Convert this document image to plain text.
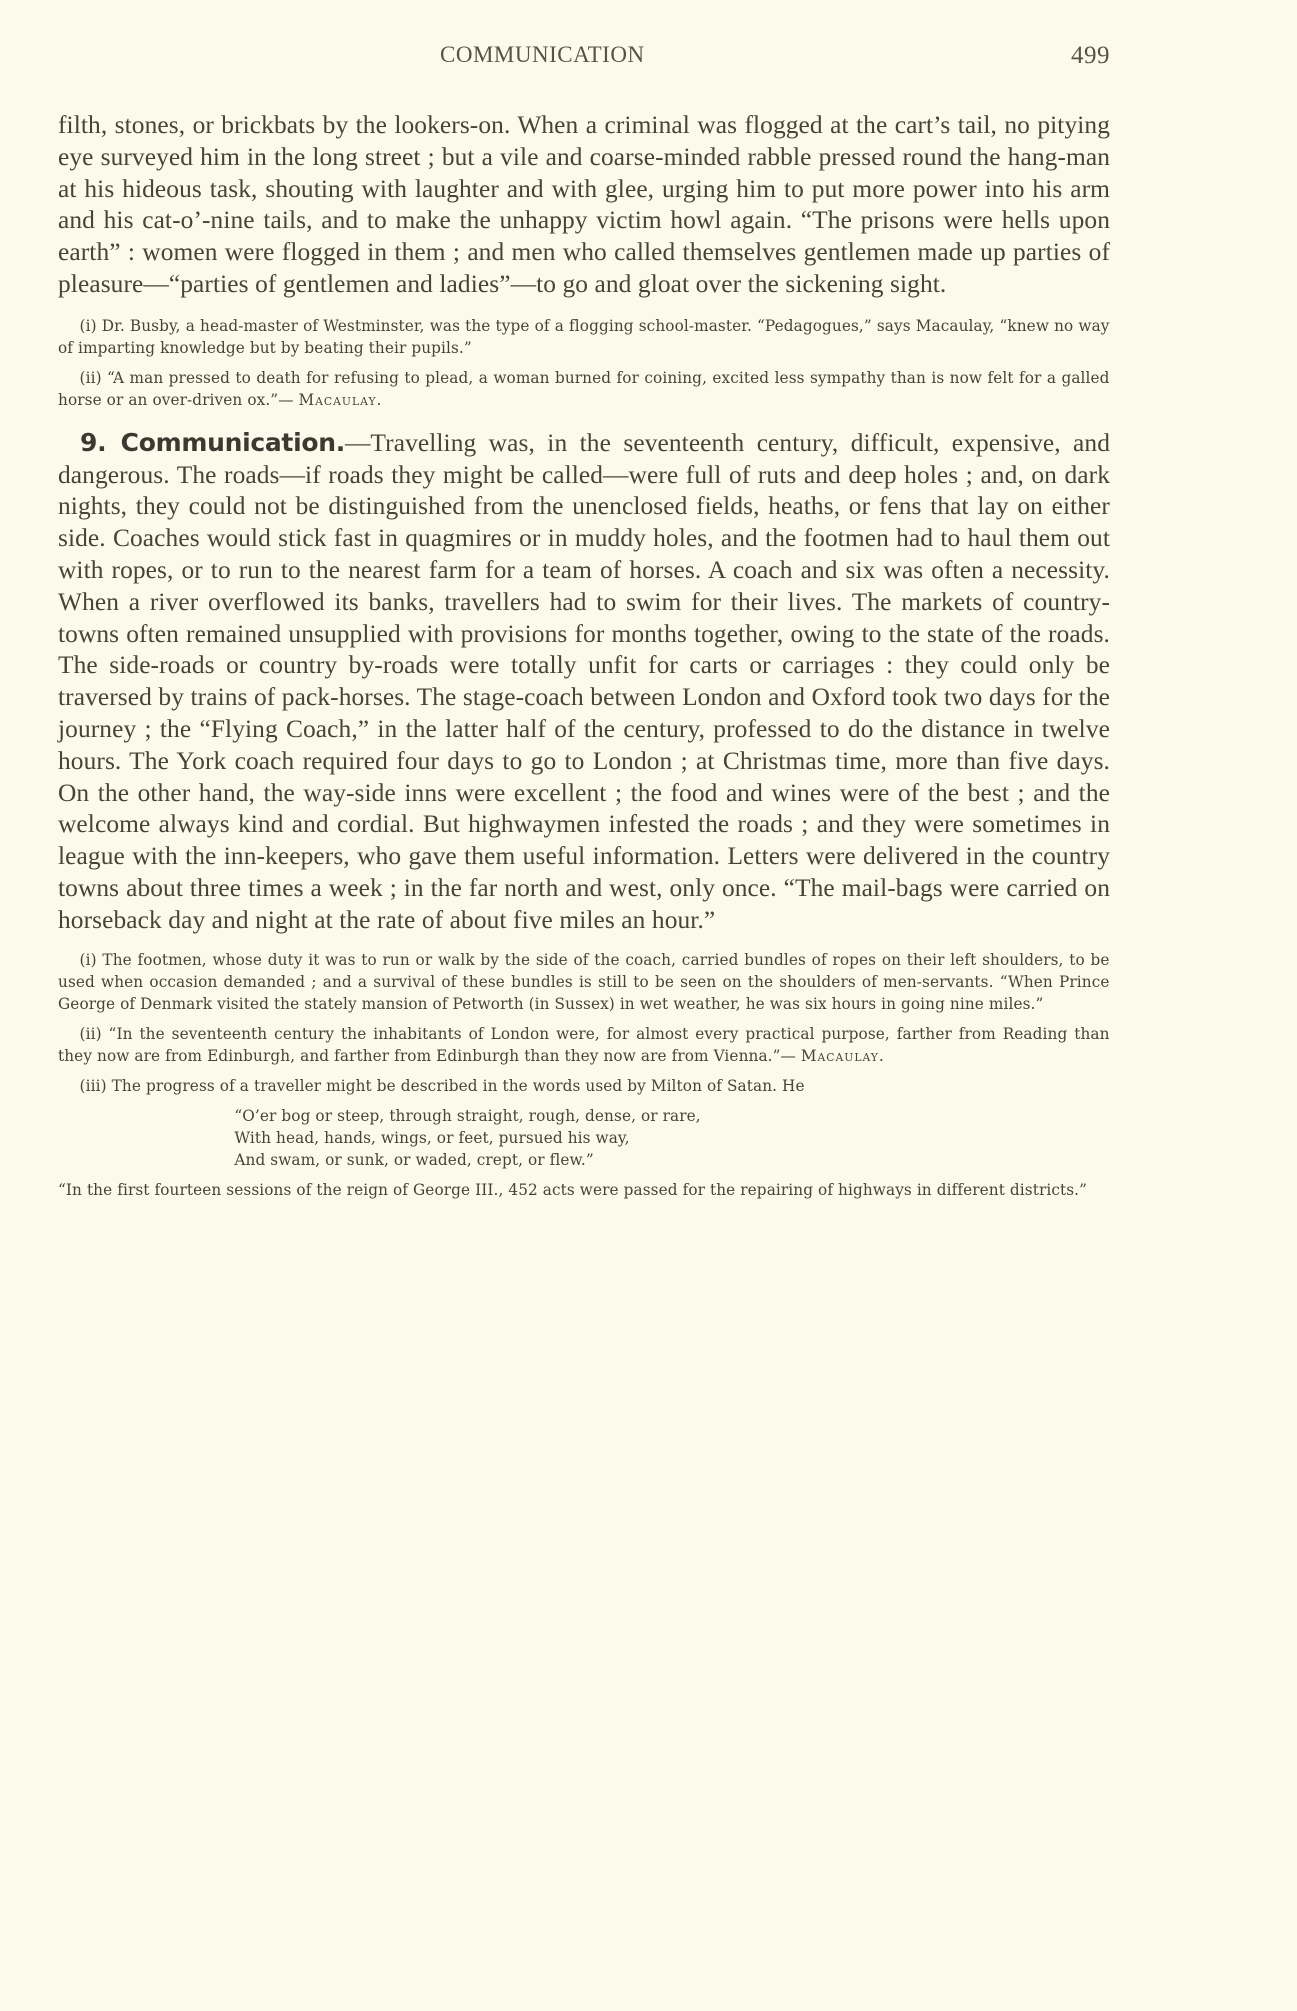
COMMUNICATION	499

filth, stones, or brickbats by the lookers-on. When a criminal was flogged at the cart’s tail, no pitying eye surveyed him in the long street ; but a vile and coarse-minded rabble pressed round the hang-man at his hideous task, shouting with laughter and with glee, urging him to put more power into his arm and his cat-o’-nine tails, and to make the unhappy victim howl again. “The prisons were hells upon earth” : women were flogged in them ; and men who called themselves gentlemen made up parties of pleasure—“parties of gentlemen and ladies”—to go and gloat over the sickening sight.

(i) Dr. Busby, a head-master of Westminster, was the type of a flogging school-master. “Pedagogues,” says Macaulay, “knew no way of imparting knowledge but by beating their pupils.”

(ii) “A man pressed to death for refusing to plead, a woman burned for coining, excited less sympathy than is now felt for a galled horse or an over-driven ox.”— Macaulay.

9. Communication.—Travelling was, in the seventeenth century, difficult, expensive, and dangerous. The roads—if roads they might be called—were full of ruts and deep holes ; and, on dark nights, they could not be distinguished from the unenclosed fields, heaths, or fens that lay on either side. Coaches would stick fast in quagmires or in muddy holes, and the footmen had to haul them out with ropes, or to run to the nearest farm for a team of horses. A coach and six was often a necessity. When a river overflowed its banks, travellers had to swim for their lives. The markets of country-towns often remained unsupplied with provisions for months together, owing to the state of the roads. The side-roads or country by-roads were totally unfit for carts or carriages : they could only be traversed by trains of pack-horses. The stage-coach between London and Oxford took two days for the journey ; the “Flying Coach,” in the latter half of the century, professed to do the distance in twelve hours. The York coach required four days to go to London ; at Christmas time, more than five days. On the other hand, the way-side inns were excellent ; the food and wines were of the best ; and the welcome always kind and cordial. But highwaymen infested the roads ; and they were sometimes in league with the inn-keepers, who gave them useful information. Letters were delivered in the country towns about three times a week ; in the far north and west, only once. “The mail-bags were carried on horseback day and night at the rate of about five miles an hour.”

(i) The footmen, whose duty it was to run or walk by the side of the coach, carried bundles of ropes on their left shoulders, to be used when occasion demanded ; and a survival of these bundles is still to be seen on the shoulders of men-servants. “When Prince George of Denmark visited the stately mansion of Petworth (in Sussex) in wet weather, he was six hours in going nine miles.”

(ii) “In the seventeenth century the inhabitants of London were, for almost every practical purpose, farther from Reading than they now are from Edinburgh, and farther from Edinburgh than they now are from Vienna.”— Macaulay.

(iii) The progress of a traveller might be described in the words used by Milton of Satan. He

“O’er bog or steep, through straight, rough, dense, or rare,
With head, hands, wings, or feet, pursued his way,
And swam, or sunk, or waded, crept, or flew.”

“In the first fourteen sessions of the reign of George III., 452 acts were passed for the repairing of highways in different districts.”
